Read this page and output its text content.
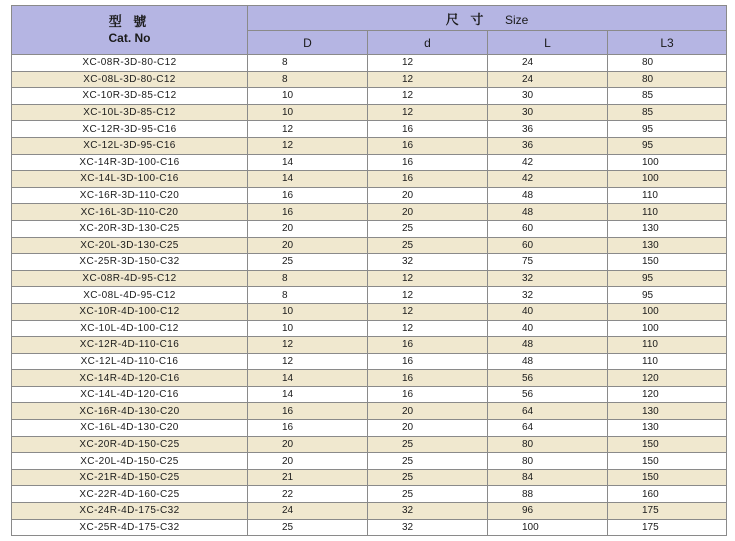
型 號
Cat. No	尺 寸 Size			
	D	d	L	L3
XC-08R-3D-80-C12	8	12	24	80
XC-08L-3D-80-C12	8	12	24	80
XC-10R-3D-85-C12	10	12	30	85
XC-10L-3D-85-C12	10	12	30	85
XC-12R-3D-95-C16	12	16	36	95
XC-12L-3D-95-C16	12	16	36	95
XC-14R-3D-100-C16	14	16	42	100
XC-14L-3D-100-C16	14	16	42	100
XC-16R-3D-110-C20	16	20	48	110
XC-16L-3D-110-C20	16	20	48	110
XC-20R-3D-130-C25	20	25	60	130
XC-20L-3D-130-C25	20	25	60	130
XC-25R-3D-150-C32	25	32	75	150
XC-08R-4D-95-C12	8	12	32	95
XC-08L-4D-95-C12	8	12	32	95
XC-10R-4D-100-C12	10	12	40	100
XC-10L-4D-100-C12	10	12	40	100
XC-12R-4D-110-C16	12	16	48	110
XC-12L-4D-110-C16	12	16	48	110
XC-14R-4D-120-C16	14	16	56	120
XC-14L-4D-120-C16	14	16	56	120
XC-16R-4D-130-C20	16	20	64	130
XC-16L-4D-130-C20	16	20	64	130
XC-20R-4D-150-C25	20	25	80	150
XC-20L-4D-150-C25	20	25	80	150
XC-21R-4D-150-C25	21	25	84	150
XC-22R-4D-160-C25	22	25	88	160
XC-24R-4D-175-C32	24	32	96	175
XC-25R-4D-175-C32	25	32	100	175
